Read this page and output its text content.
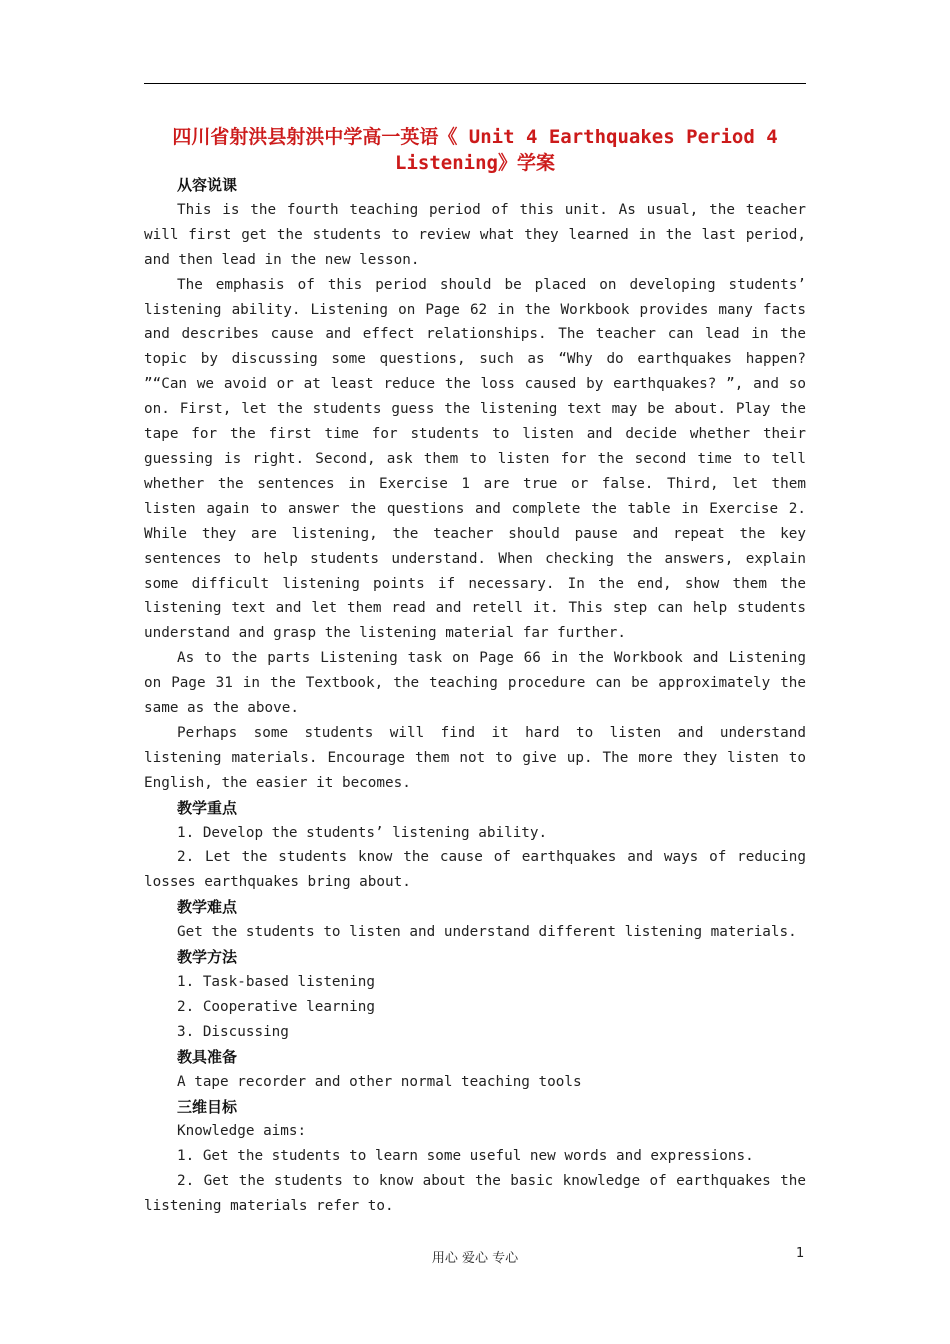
四川省射洪县射洪中学高一英语《 Unit 4 Earthquakes Period 4 Listening》学案
从容说课

This is the fourth teaching period of this unit. As usual, the teacher will first get the students to review what they learned in the last period, and then lead in the new lesson.

The emphasis of this period should be placed on developing students’ listening ability. Listening on Page 62 in the Workbook provides many facts and describes cause and effect relationships. The teacher can lead in the topic by discussing some questions, such as “Why do earthquakes happen? ”“Can we avoid or at least reduce the loss caused by earthquakes? ”, and so on. First, let the students guess the listening text may be about. Play the tape for the first time for students to listen and decide whether their guessing is right. Second, ask them to listen for the second time to tell whether the sentences in Exercise 1 are true or false. Third, let them listen again to answer the questions and complete the table in Exercise 2. While they are listening, the teacher should pause and repeat the key sentences to help students understand. When checking the answers, explain some difficult listening points if necessary. In the end, show them the listening text and let them read and retell it. This step can help students understand and grasp the listening material far further.

As to the parts Listening task on Page 66 in the Workbook and Listening on Page 31 in the Textbook, the teaching procedure can be approximately the same as the above.

Perhaps some students will find it hard to listen and understand listening materials. Encourage them not to give up. The more they listen to English, the easier it becomes.

教学重点

1. Develop the students’ listening ability.

2. Let the students know the cause of earthquakes and ways of reducing losses earthquakes bring about.

教学难点

Get the students to listen and understand different listening materials.

教学方法

1. Task-based listening

2. Cooperative learning

3. Discussing

教具准备

A tape recorder and other normal teaching tools

三维目标

Knowledge aims:

1. Get the students to learn some useful new words and expressions.

2. Get the students to know about the basic knowledge of earthquakes the listening materials refer to.

用心 爱心 专心	1
